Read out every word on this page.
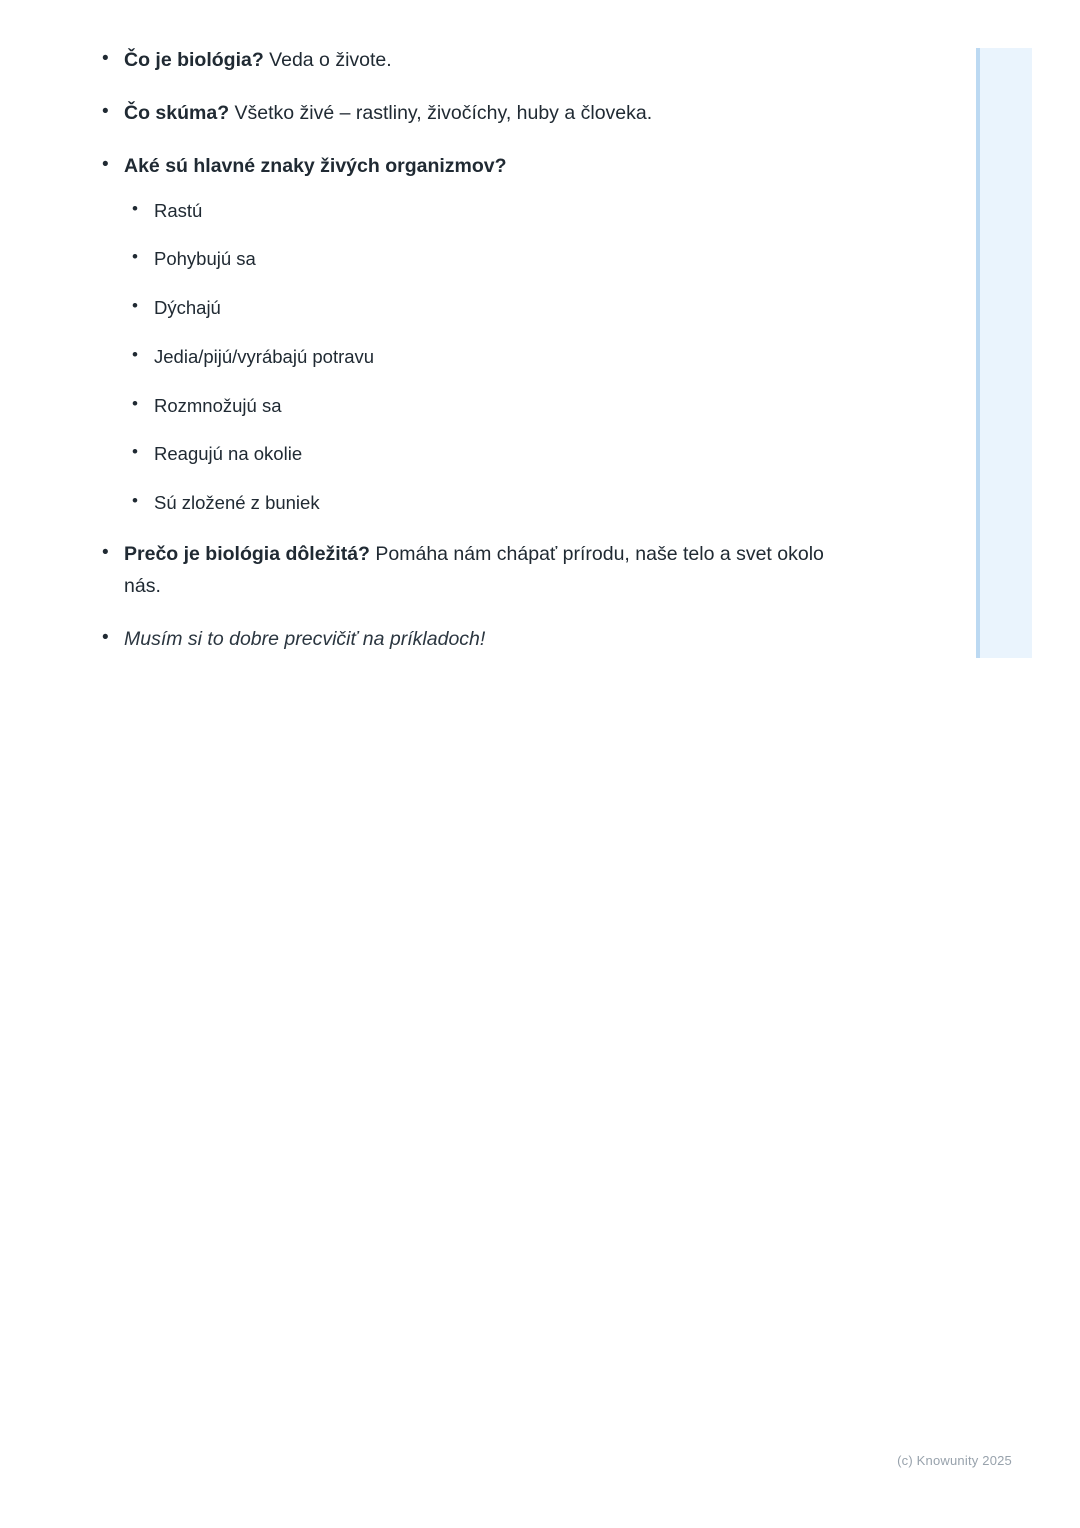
• Čo je biológia? Veda o živote.
• Čo skúma? Všetko živé – rastliny, živočíchy, huby a človeka.
• Aké sú hlavné znaky živých organizmov?
• Rastú
• Pohybujú sa
• Dýchajú
• Jedia/pijú/vyrábajú potravu
• Rozmnožujú sa
• Reagujú na okolie
• Sú zložené z buniek
• Prečo je biológia dôležitá? Pomáha nám chápať prírodu, naše telo a svet okolo nás.
• Musím si to dobre precvičiť na príkladoch!
(c) Knowunity 2025
